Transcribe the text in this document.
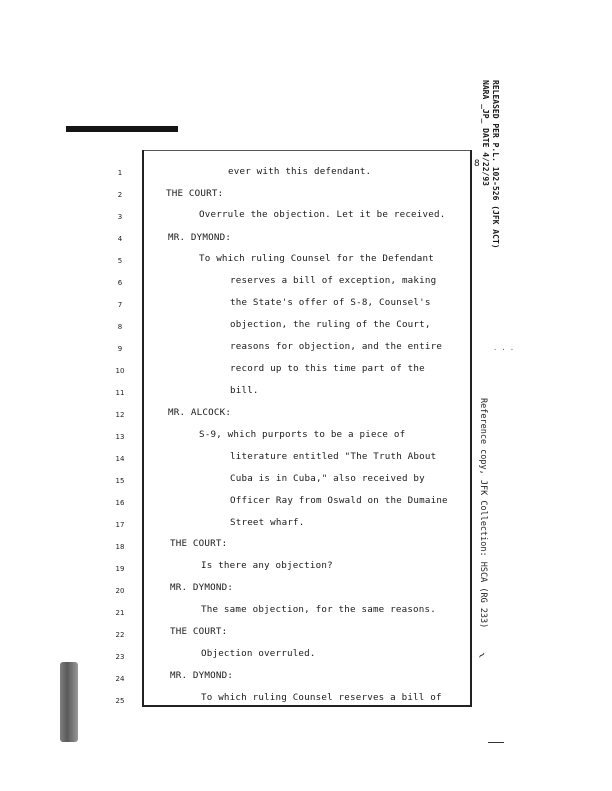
RELEASED PER P.L. 102-526 (JFK ACT)
NARA _JP_ DATE 4/22/93
8
Reference copy, JFK Collection: HSCA (RG 233)
· · ·
~
1	ever with this defendant.
2	THE COURT:
3	Overrule the objection. Let it be received.
4	MR. DYMOND:
5	To which ruling Counsel for the Defendant
6	reserves a bill of exception, making
7	the State's offer of S-8, Counsel's
8	objection, the ruling of the Court,
9	reasons for objection, and the entire
10	record up to this time part of the
11	bill.
12	MR. ALCOCK:
13	S-9, which purports to be a piece of
14	literature entitled "The Truth About
15	Cuba is in Cuba," also received by
16	Officer Ray from Oswald on the Dumaine
17	Street wharf.
18	THE COURT:
19	Is there any objection?
20	MR. DYMOND:
21	The same objection, for the same reasons.
22	THE COURT:
23	Objection overruled.
24	MR. DYMOND:
25	To which ruling Counsel reserves a bill of
